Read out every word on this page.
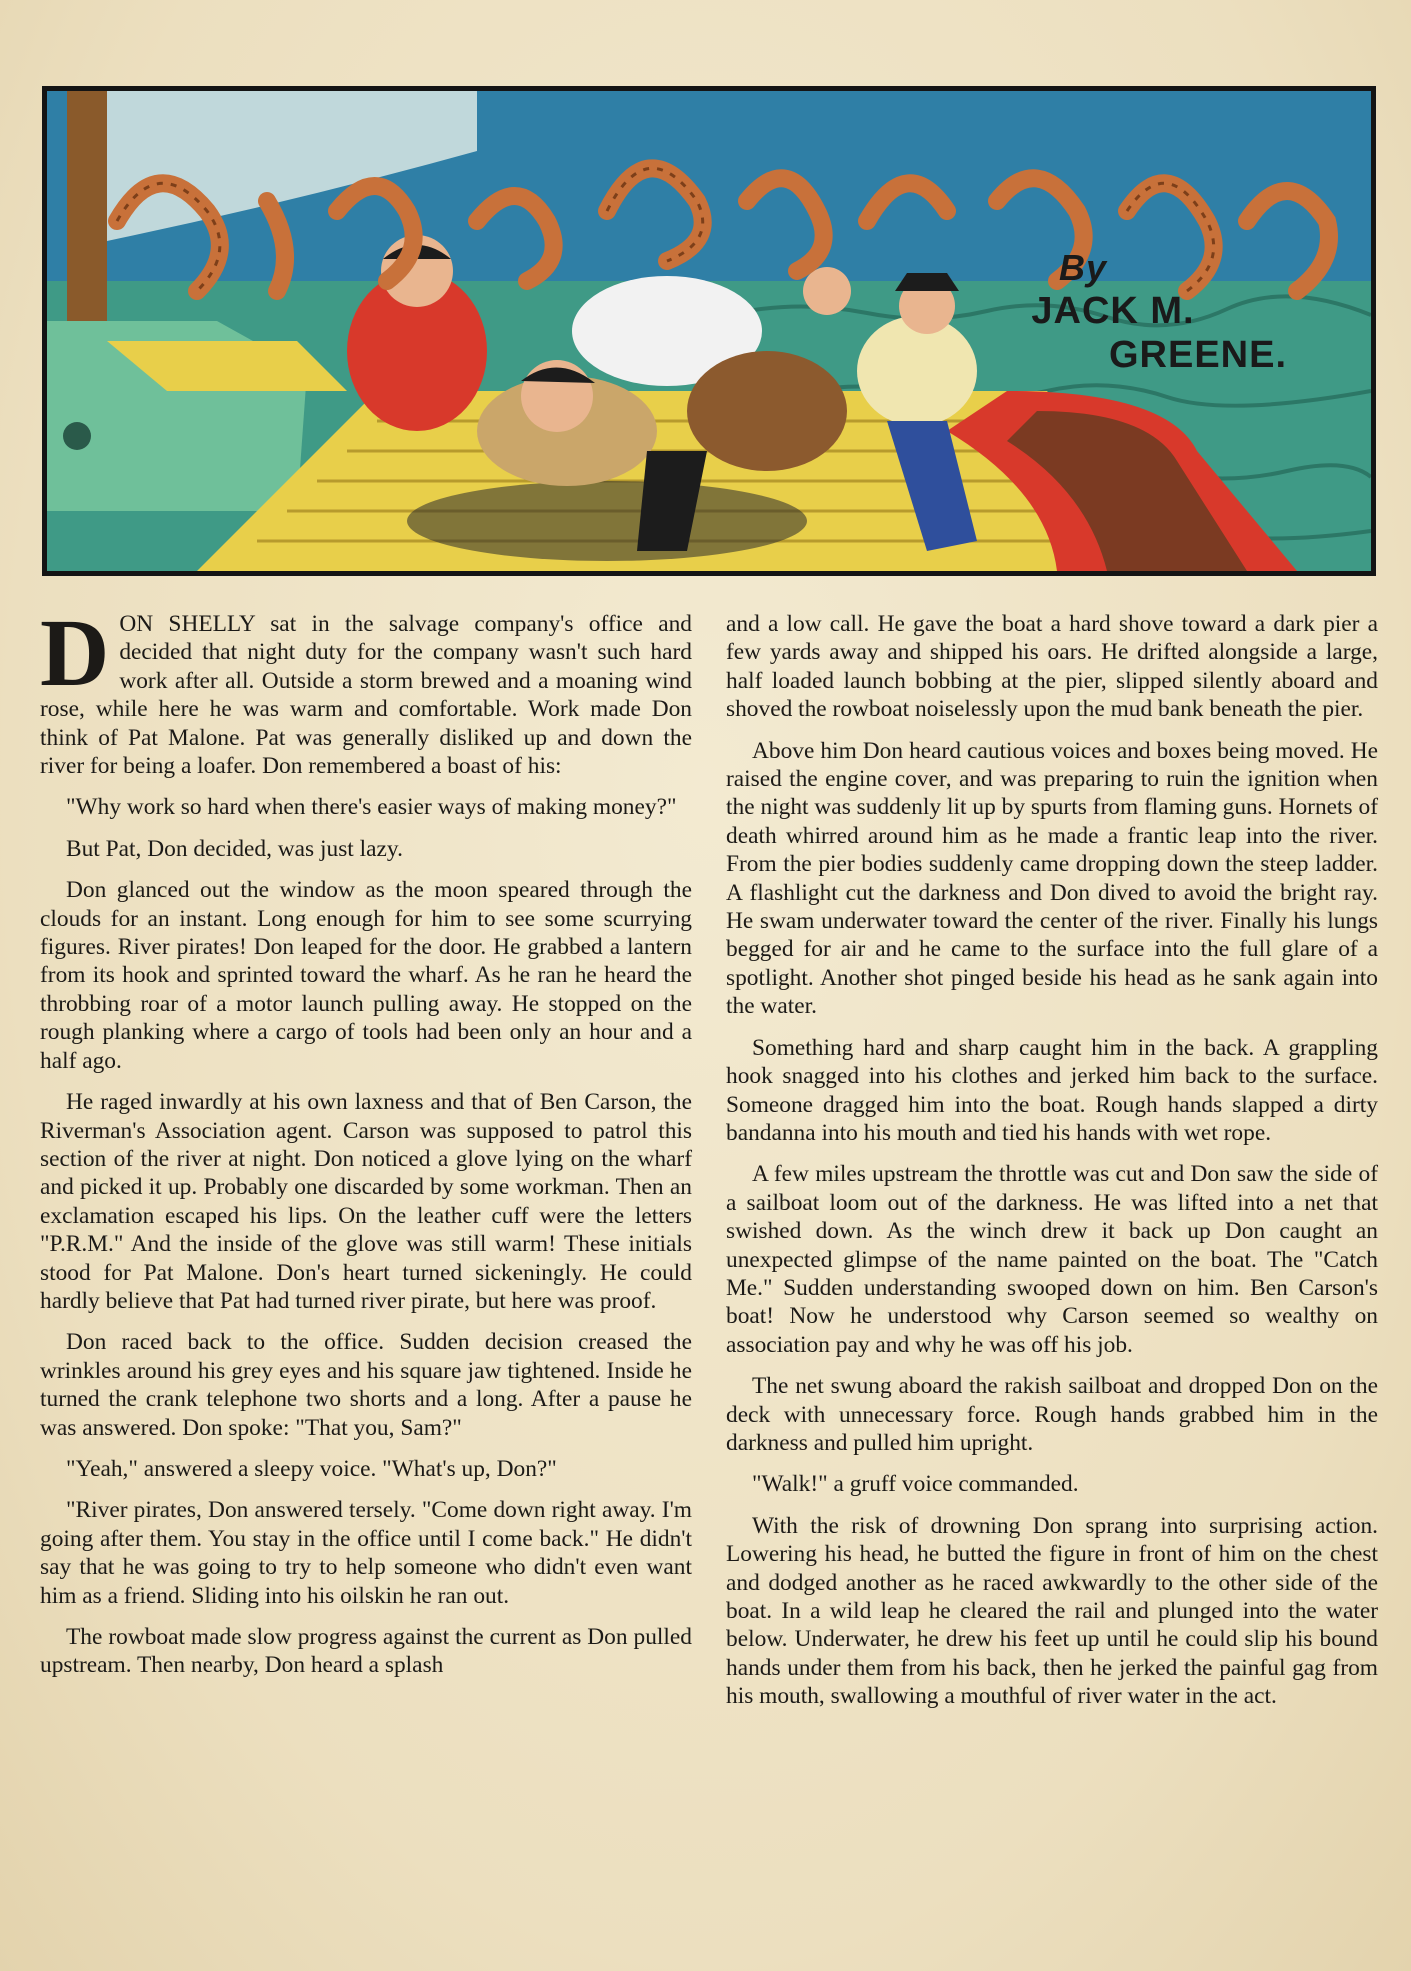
By
JACK M.
GREENE.

DON SHELLY sat in the salvage company's office and decided that night duty for the company wasn't such hard work after all. Outside a storm brewed and a moaning wind rose, while here he was warm and comfortable. Work made Don think of Pat Malone. Pat was generally disliked up and down the river for being a loafer. Don remembered a boast of his:

"Why work so hard when there's easier ways of making money?"

But Pat, Don decided, was just lazy.

Don glanced out the window as the moon speared through the clouds for an instant. Long enough for him to see some scurrying figures. River pirates! Don leaped for the door. He grabbed a lantern from its hook and sprinted toward the wharf. As he ran he heard the throbbing roar of a motor launch pulling away. He stopped on the rough planking where a cargo of tools had been only an hour and a half ago.

He raged inwardly at his own laxness and that of Ben Carson, the Riverman's Association agent. Carson was supposed to patrol this section of the river at night. Don noticed a glove lying on the wharf and picked it up. Probably one discarded by some workman. Then an exclamation escaped his lips. On the leather cuff were the letters "P.R.M." And the inside of the glove was still warm! These initials stood for Pat Malone. Don's heart turned sickeningly. He could hardly believe that Pat had turned river pirate, but here was proof.

Don raced back to the office. Sudden decision creased the wrinkles around his grey eyes and his square jaw tightened. Inside he turned the crank telephone two shorts and a long. After a pause he was answered. Don spoke: "That you, Sam?"

"Yeah," answered a sleepy voice. "What's up, Don?"

"River pirates, Don answered tersely. "Come down right away. I'm going after them. You stay in the office until I come back." He didn't say that he was going to try to help someone who didn't even want him as a friend. Sliding into his oilskin he ran out.

The rowboat made slow progress against the current as Don pulled upstream. Then nearby, Don heard a splash

and a low call. He gave the boat a hard shove toward a dark pier a few yards away and shipped his oars. He drifted alongside a large, half loaded launch bobbing at the pier, slipped silently aboard and shoved the rowboat noiselessly upon the mud bank beneath the pier.

Above him Don heard cautious voices and boxes being moved. He raised the engine cover, and was preparing to ruin the ignition when the night was suddenly lit up by spurts from flaming guns. Hornets of death whirred around him as he made a frantic leap into the river. From the pier bodies suddenly came dropping down the steep ladder. A flashlight cut the darkness and Don dived to avoid the bright ray. He swam underwater toward the center of the river. Finally his lungs begged for air and he came to the surface into the full glare of a spotlight. Another shot pinged beside his head as he sank again into the water.

Something hard and sharp caught him in the back. A grappling hook snagged into his clothes and jerked him back to the surface. Someone dragged him into the boat. Rough hands slapped a dirty bandanna into his mouth and tied his hands with wet rope.

A few miles upstream the throttle was cut and Don saw the side of a sailboat loom out of the darkness. He was lifted into a net that swished down. As the winch drew it back up Don caught an unexpected glimpse of the name painted on the boat. The "Catch Me." Sudden understanding swooped down on him. Ben Carson's boat! Now he understood why Carson seemed so wealthy on association pay and why he was off his job.

The net swung aboard the rakish sailboat and dropped Don on the deck with unnecessary force. Rough hands grabbed him in the darkness and pulled him upright.

"Walk!" a gruff voice commanded.

With the risk of drowning Don sprang into surprising action. Lowering his head, he butted the figure in front of him on the chest and dodged another as he raced awkwardly to the other side of the boat. In a wild leap he cleared the rail and plunged into the water below. Underwater, he drew his feet up until he could slip his bound hands under them from his back, then he jerked the painful gag from his mouth, swallowing a mouthful of river water in the act.
